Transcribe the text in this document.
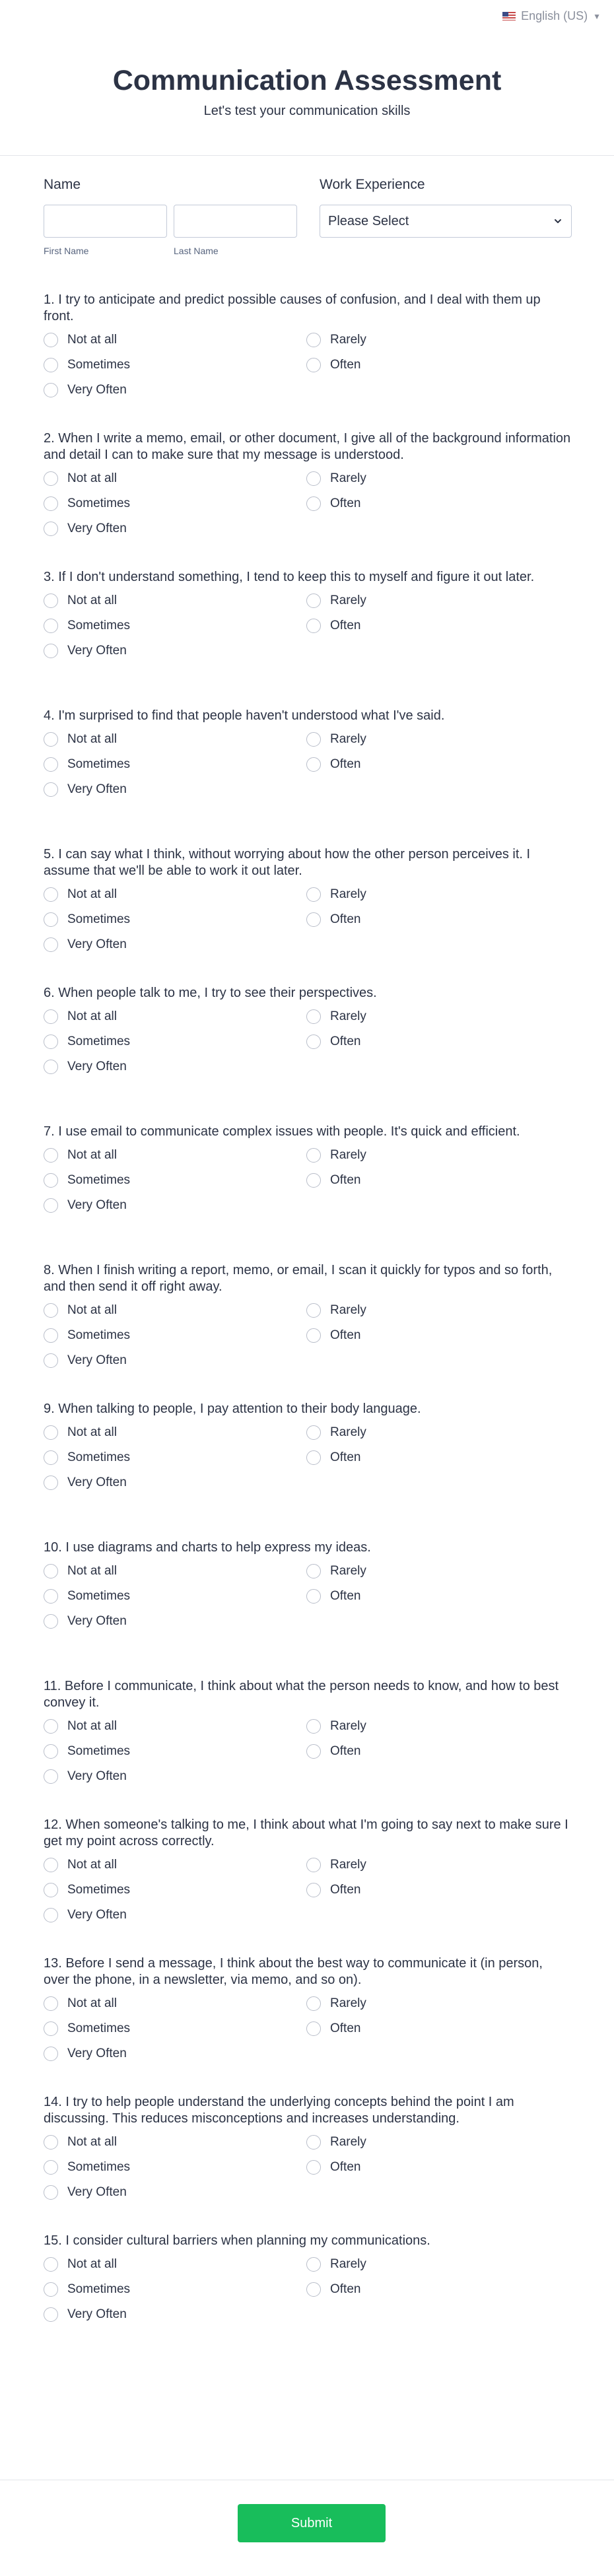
English (US) ▼
Communication Assessment
Let's test your communication skills
Name
First Name	Last Name
Work Experience
Please Select

1. I try to anticipate and predict possible causes of confusion, and I deal with them up front.

Not at all	Rarely
Sometimes	Often
Very Often

2. When I write a memo, email, or other document, I give all of the background information and detail I can to make sure that my message is understood.

Not at all	Rarely
Sometimes	Often
Very Often

3. If I don't understand something, I tend to keep this to myself and figure it out later.

Not at all	Rarely
Sometimes	Often
Very Often

4. I'm surprised to find that people haven't understood what I've said.

Not at all	Rarely
Sometimes	Often
Very Often

5. I can say what I think, without worrying about how the other person perceives it. I assume that we'll be able to work it out later.

Not at all	Rarely
Sometimes	Often
Very Often

6. When people talk to me, I try to see their perspectives.

Not at all	Rarely
Sometimes	Often
Very Often

7. I use email to communicate complex issues with people. It's quick and efficient.

Not at all	Rarely
Sometimes	Often
Very Often

8. When I finish writing a report, memo, or email, I scan it quickly for typos and so forth, and then send it off right away.

Not at all	Rarely
Sometimes	Often
Very Often

9. When talking to people, I pay attention to their body language.

Not at all	Rarely
Sometimes	Often
Very Often

10. I use diagrams and charts to help express my ideas.

Not at all	Rarely
Sometimes	Often
Very Often

11. Before I communicate, I think about what the person needs to know, and how to best convey it.

Not at all	Rarely
Sometimes	Often
Very Often

12. When someone's talking to me, I think about what I'm going to say next to make sure I get my point across correctly.

Not at all	Rarely
Sometimes	Often
Very Often

13. Before I send a message, I think about the best way to communicate it (in person, over the phone, in a newsletter, via memo, and so on).

Not at all	Rarely
Sometimes	Often
Very Often

14. I try to help people understand the underlying concepts behind the point I am discussing. This reduces misconceptions and increases understanding.

Not at all	Rarely
Sometimes	Often
Very Often

15. I consider cultural barriers when planning my communications.

Not at all	Rarely
Sometimes	Often
Very Often
Submit
